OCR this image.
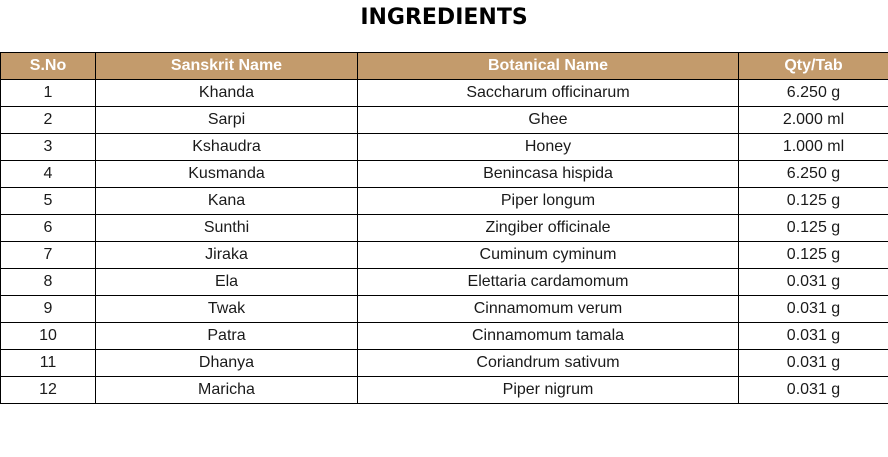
INGREDIENTS
S.No	Sanskrit Name	Botanical Name	Qty/Tab
1	Khanda	Saccharum officinarum	6.250 g
2	Sarpi	Ghee	2.000 ml
3	Kshaudra	Honey	1.000 ml
4	Kusmanda	Benincasa hispida	6.250 g
5	Kana	Piper longum	0.125 g
6	Sunthi	Zingiber officinale	0.125 g
7	Jiraka	Cuminum cyminum	0.125 g
8	Ela	Elettaria cardamomum	0.031 g
9	Twak	Cinnamomum verum	0.031 g
10	Patra	Cinnamomum tamala	0.031 g
11	Dhanya	Coriandrum sativum	0.031 g
12	Maricha	Piper nigrum	0.031 g
